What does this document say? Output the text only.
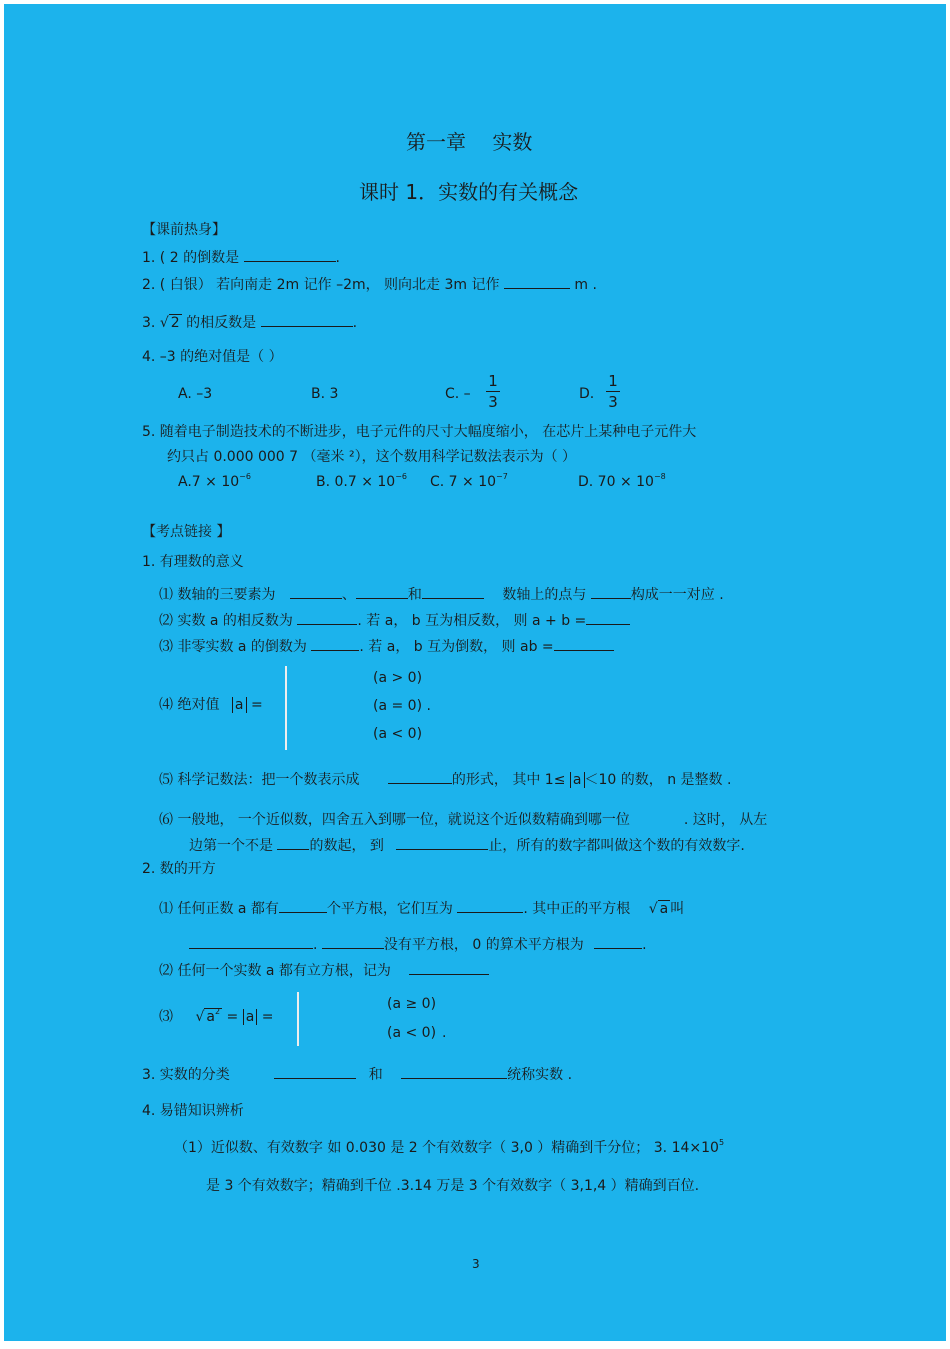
第一章　 实数
课时 1．实数的有关概念
【课前热身】
1. ( 2 的倒数是	.
2. ( 白银） 若向南走 2m 记作 –2m， 则向北走 3m 记作	m .
3. √ 2 的相反数是	.
4. –3 的绝对值是（ ）
A. –3	B. 3	C. –
1
3	D.
1
3
5. 随着电子制造技术的不断进步，电子元件的尺寸大幅度缩小， 在芯片上某种电子元件大
约只占 0.000 000 7 （毫米 ²），这个数用科学记数法表示为（ ）
$A.7 \times 10^{-6}$	B. $0.7 \times 10^{-6}$ C. $7 \times 10^{-7}$	D. $70 \times 10^{-8}$
【考点链接 】
1. 有理数的意义
⑴ 数轴的三要素为	、	和	数轴上的点与	构成一一对应 .
⑵ 实数 a 的相反数为	. 若 a， b 互为相反数， 则 a + b =
⑶ 非零实数 a 的倒数为	. 若 a， b 互为倒数， 则 ab =
⑷ 绝对值 a =
(a > 0)
(a = 0) .
(a < 0)
⑸ 科学记数法：把一个数表示成	的形式， 其中 1≤ a ＜10 的数， n 是整数 .
⑹ 一般地， 一个近似数，四舍五入到哪一位，就说这个近似数精确到哪一位	. 这时， 从左
边第一个不是	的数起， 到	止，所有的数字都叫做这个数的有效数字.
2. 数的开方
⑴ 任何正数 a 都有	个平方根，它们互为	. 其中正的平方根 √ a 叫
.	没有平方根， 0 的算术平方根为	.
⑵ 任何一个实数 a 都有立方根，记为
⑶ √ $a^2 = a$ =
(a ≥ 0)
(a < 0) .
3. 实数的分类	和	统称实数 .
4. 易错知识辨析
（1）近似数、有效数字 如 0.030 是 2 个有效数字（ 3,0 ）精确到千分位； 3. $14\times 10^5$
是 3 个有效数字；精确到千位 .3.14 万是 3 个有效数字（ 3,1,4 ）精确到百位.
3
